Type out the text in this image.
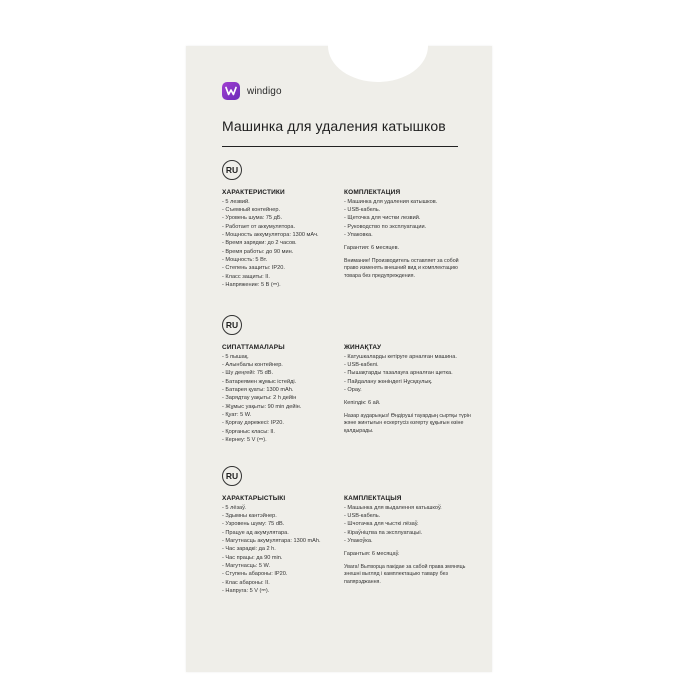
windigo
Машинка для удаления катышков
RU
ХАРАКТЕРИСТИКИ
- 5 лезвий.
- Съемный контейнер.
- Уровень шума: 75 дБ.
- Работает от аккумулятора.
- Мощность аккумулятора: 1300 мАч.
- Время зарядки: до 2 часов.
- Время работы: до 90 мин.
- Мощность: 5 Вт.
- Степень защиты: IP20.
- Класс защиты: II.
- Напряжение: 5 В (⎓).
КОМПЛЕКТАЦИЯ
- Машинка для удаления катышков.
- USB-кабель.
- Щеточка для чистки лезвий.
- Руководство по эксплуатации.
- Упаковка.
Гарантия: 6 месяцев.
Внимание! Производитель оставляет за собой право изменять внешний вид и комплектацию товара без предупреждения.
RU
СИПАТТАМАЛАРЫ
- 5 пышақ.
- Алынбалы контейнер.
- Шу деңгейі: 75 dB.
- Батареямен жұмыс істейді.
- Батарея қуаты: 1300 mAh.
- Зарядтау уақыты: 2 h дейін
- Жұмыс уақыты: 90 min дейін.
- Қуат: 5 W.
- Қорғау дәрежесі: IP20.
- Қорғаныс класы: II.
- Кернеу: 5 V (⎓).
ЖИНАҚТАУ
- Катушкаларды кетіруге арналған машина.
- USB-кабелі.
- Пышақтарды тазалауға арналған щетка.
- Пайдалану жөніндегі Нұсқаулық.
- Орау.
Кепілдік: 6 ай.
Назар аударыңыз! Өндіруші тауардың сыртқы түрін және жинтығын ескертусіз өзгерту құқығын өзіне қалдырады.
RU
ХАРАКТАРЫСТЫКІ
- 5 лёзаў.
- Здымны кантэйнер.
- Узровень шуму: 75 dB.
- Працуе ад акумулятара.
- Магутнасць акумулятара: 1300 mAh.
- Час зарадкі: да 2 h.
- Час працы: да 90 min.
- Магутнасць: 5 W.
- Ступень абароны: IP20.
- Клас абароны: II.
- Напруга: 5 V (⎓).
КАМПЛЕКТАЦЫЯ
- Машынка для выдалення катышкоў.
- USB-кабель.
- Шчотачка для чысткі лёзаў.
- Кіраўніцтва па эксплуатацыі.
- Упакоўка.
Гарантыя: 6 месяцаў.
Увага! Вытворца пакідае за сабой права змяняць знешні выгляд і камплектацыю тавару без папярэджання.
